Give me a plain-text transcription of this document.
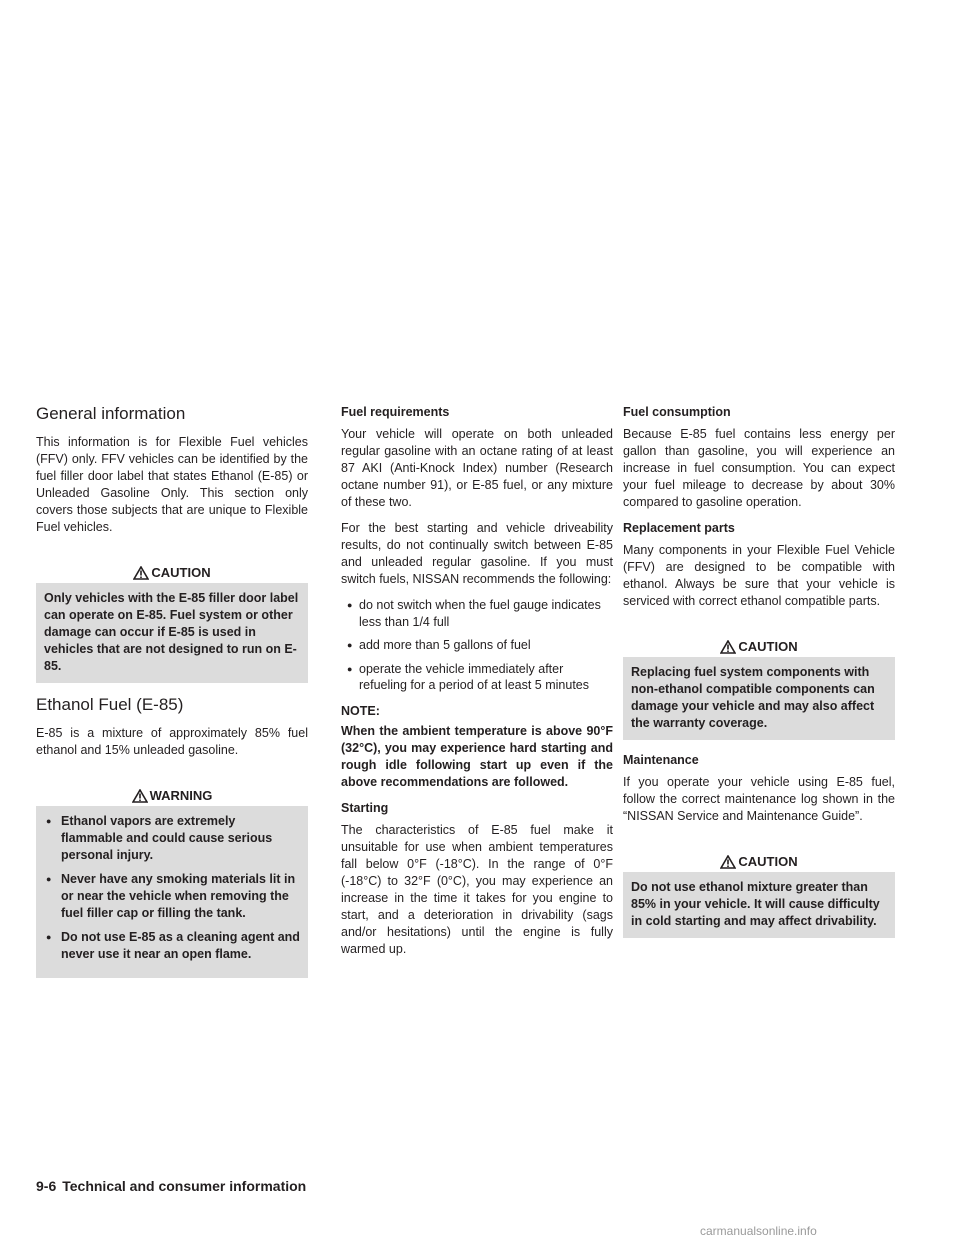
General information

This information is for Flexible Fuel vehicles (FFV) only. FFV vehicles can be identified by the fuel filler door label that states Ethanol (E-85) or Unleaded Gasoline Only. This section only covers those subjects that are unique to Flexible Fuel vehicles.

CAUTION
Only vehicles with the E-85 filler door label can operate on E-85. Fuel system or other damage can occur if E-85 is used in vehicles that are not designed to run on E-85.
Ethanol Fuel (E-85)

E-85 is a mixture of approximately 85% fuel ethanol and 15% unleaded gasoline.

WARNING
● Ethanol vapors are extremely flammable and could cause serious personal injury.
● Never have any smoking materials lit in or near the vehicle when removing the fuel filler cap or filling the tank.
● Do not use E-85 as a cleaning agent and never use it near an open flame.
Fuel requirements

Your vehicle will operate on both unleaded regular gasoline with an octane rating of at least 87 AKI (Anti-Knock Index) number (Research octane number 91), or E-85 fuel, or any mixture of these two.

For the best starting and vehicle driveability results, do not continually switch between E-85 and unleaded regular gasoline. If you must switch fuels, NISSAN recommends the following:

● do not switch when the fuel gauge indicates less than 1/4 full
● add more than 5 gallons of fuel
● operate the vehicle immediately after refueling for a period of at least 5 minutes

NOTE:

When the ambient temperature is above 90°F (32°C), you may experience hard starting and rough idle following start up even if the above recommendations are followed.

Starting

The characteristics of E-85 fuel make it unsuitable for use when ambient temperatures fall below 0°F (-18°C). In the range of 0°F (-18°C) to 32°F (0°C), you may experience an increase in the time it takes for you engine to start, and a deterioration in drivability (sags and/or hesitations) until the engine is fully warmed up.

Fuel consumption

Because E-85 fuel contains less energy per gallon than gasoline, you will experience an increase in fuel consumption. You can expect your fuel mileage to decrease by about 30% compared to gasoline operation.

Replacement parts

Many components in your Flexible Fuel Vehicle (FFV) are designed to be compatible with ethanol. Always be sure that your vehicle is serviced with correct ethanol compatible parts.

CAUTION
Replacing fuel system components with non-ethanol compatible components can damage your vehicle and may also affect the warranty coverage.
Maintenance

If you operate your vehicle using E-85 fuel, follow the correct maintenance log shown in the “NISSAN Service and Maintenance Guide”.

CAUTION
Do not use ethanol mixture greater than 85% in your vehicle. It will cause difficulty in cold starting and may affect drivability.
9-6 Technical and consumer information
carmanualsonline.info
